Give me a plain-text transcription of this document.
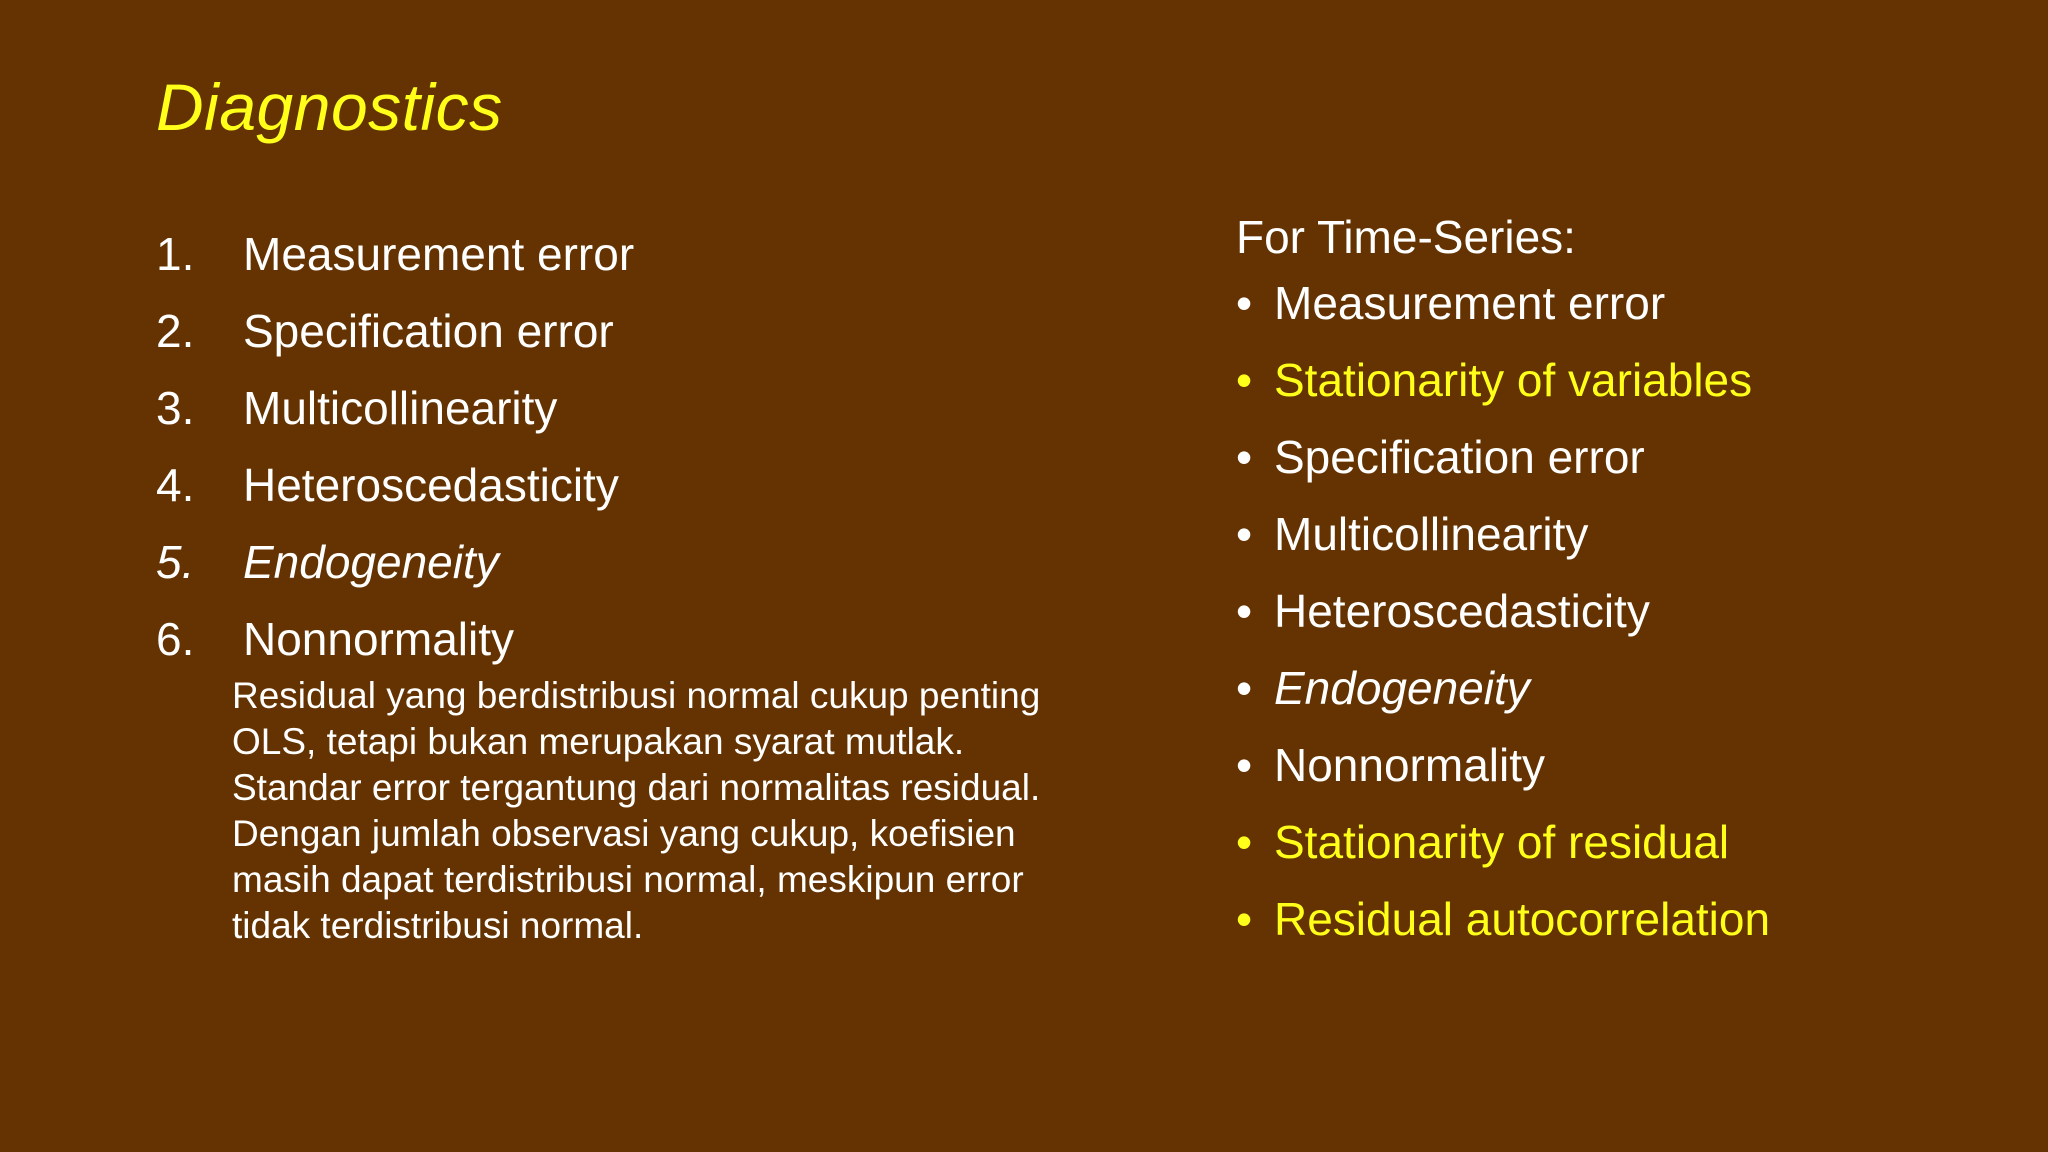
Diagnostics
1. Measurement error
2. Specification error
3. Multicollinearity
4. Heteroscedasticity
5. Endogeneity
6. Nonnormality
Residual yang berdistribusi normal cukup penting
OLS, tetapi bukan merupakan syarat mutlak.
Standar error tergantung dari normalitas residual.
Dengan jumlah observasi yang cukup, koefisien
masih dapat terdistribusi normal, meskipun error
tidak terdistribusi normal.
For Time-Series:
• Measurement error
• Stationarity of variables
• Specification error
• Multicollinearity
• Heteroscedasticity
• Endogeneity
• Nonnormality
• Stationarity of residual
• Residual autocorrelation
